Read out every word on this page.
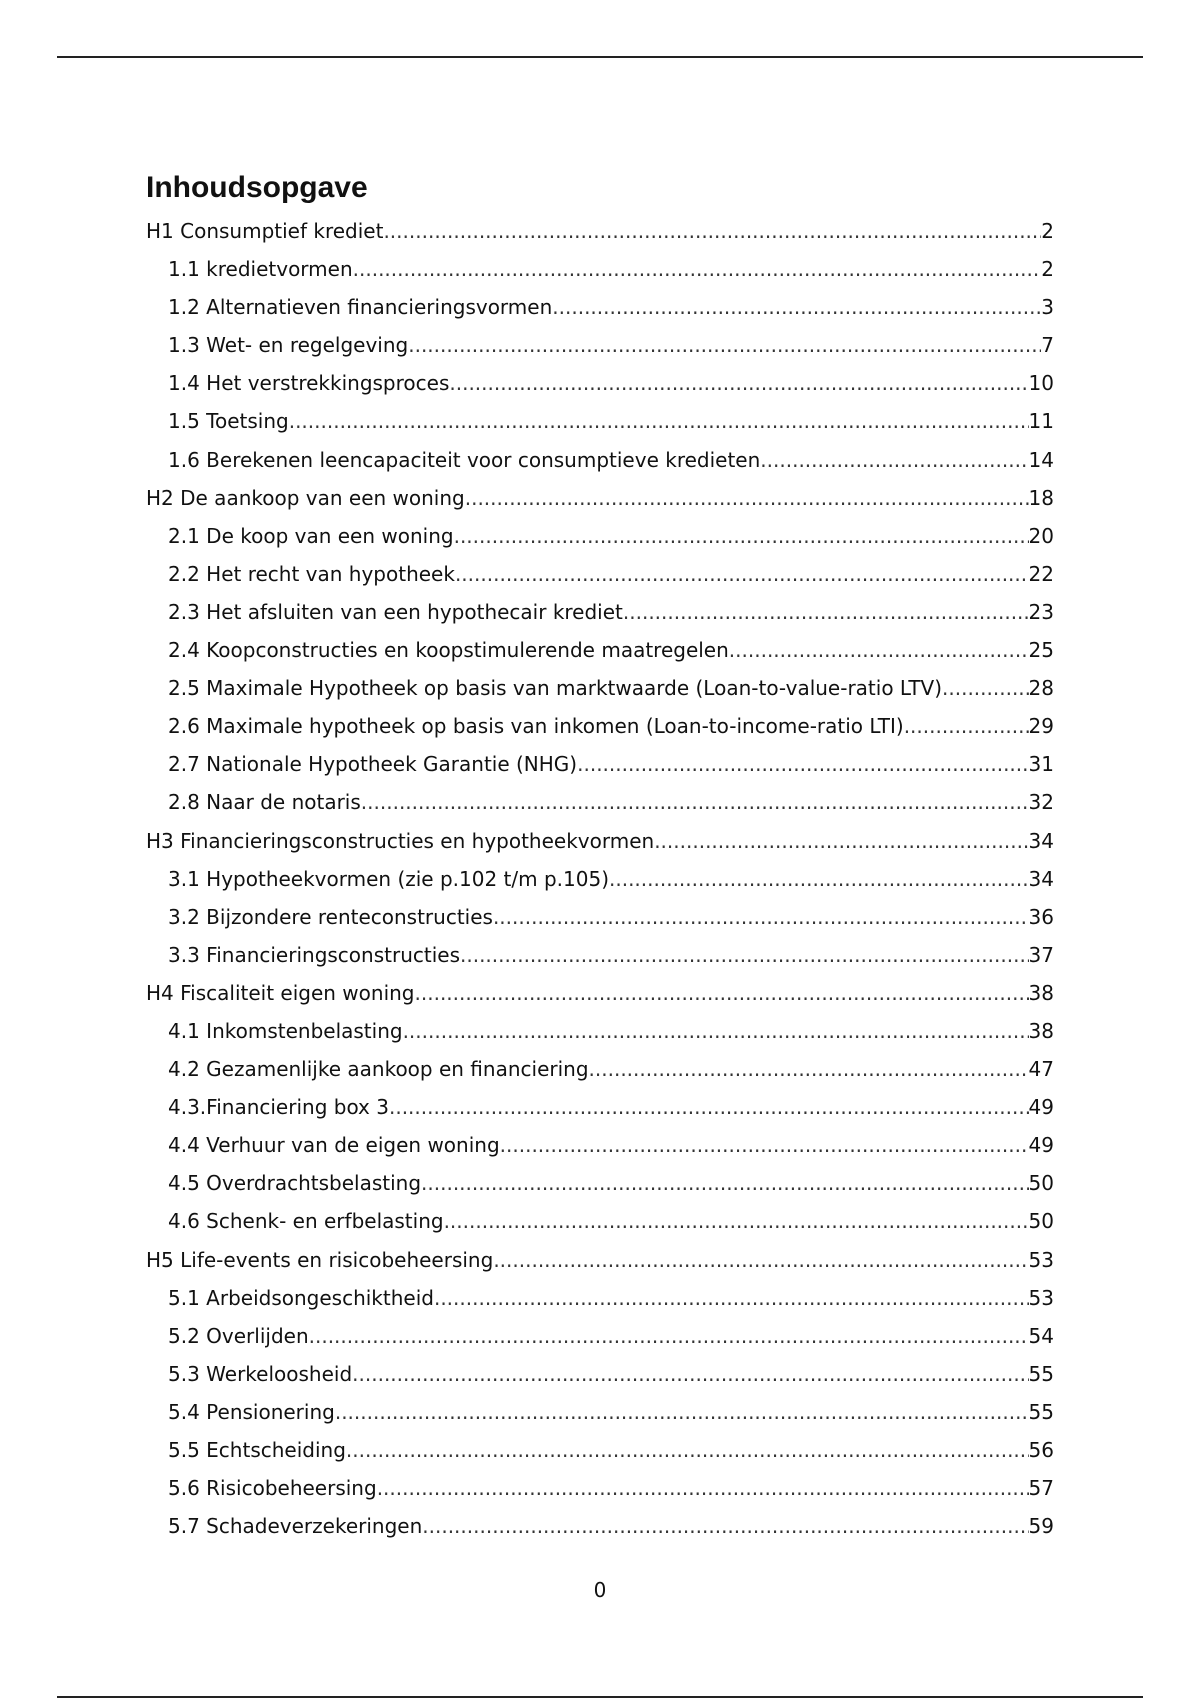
Inhoudsopgave
H1 Consumptief krediet .....	2
1.1 kredietvormen .....	2
1.2 Alternatieven financieringsvormen .....	3
1.3 Wet- en regelgeving .....	7
1.4 Het verstrekkingsproces .....	10
1.5 Toetsing .....	11
1.6 Berekenen leencapaciteit voor consumptieve kredieten .....	14
H2 De aankoop van een woning .....	18
2.1 De koop van een woning .....	20
2.2 Het recht van hypotheek .....	22
2.3 Het afsluiten van een hypothecair krediet .....	23
2.4 Koopconstructies en koopstimulerende maatregelen .....	25
2.5 Maximale Hypotheek op basis van marktwaarde (Loan-to-value-ratio LTV) .....	28
2.6 Maximale hypotheek op basis van inkomen (Loan-to-income-ratio LTI) .....	29
2.7 Nationale Hypotheek Garantie (NHG) .....	31
2.8 Naar de notaris .....	32
H3 Financieringsconstructies en hypotheekvormen .....	34
3.1 Hypotheekvormen (zie p.102 t/m p.105) .....	34
3.2 Bijzondere renteconstructies .....	36
3.3 Financieringsconstructies .....	37
H4 Fiscaliteit eigen woning .....	38
4.1 Inkomstenbelasting .....	38
4.2 Gezamenlijke aankoop en financiering .....	47
4.3.Financiering box 3 .....	49
4.4 Verhuur van de eigen woning .....	49
4.5 Overdrachtsbelasting .....	50
4.6 Schenk- en erfbelasting .....	50
H5 Life-events en risicobeheersing .....	53
5.1 Arbeidsongeschiktheid .....	53
5.2 Overlijden .....	54
5.3 Werkeloosheid .....	55
5.4 Pensionering .....	55
5.5 Echtscheiding .....	56
5.6 Risicobeheersing .....	57
5.7 Schadeverzekeringen .....	59
0
